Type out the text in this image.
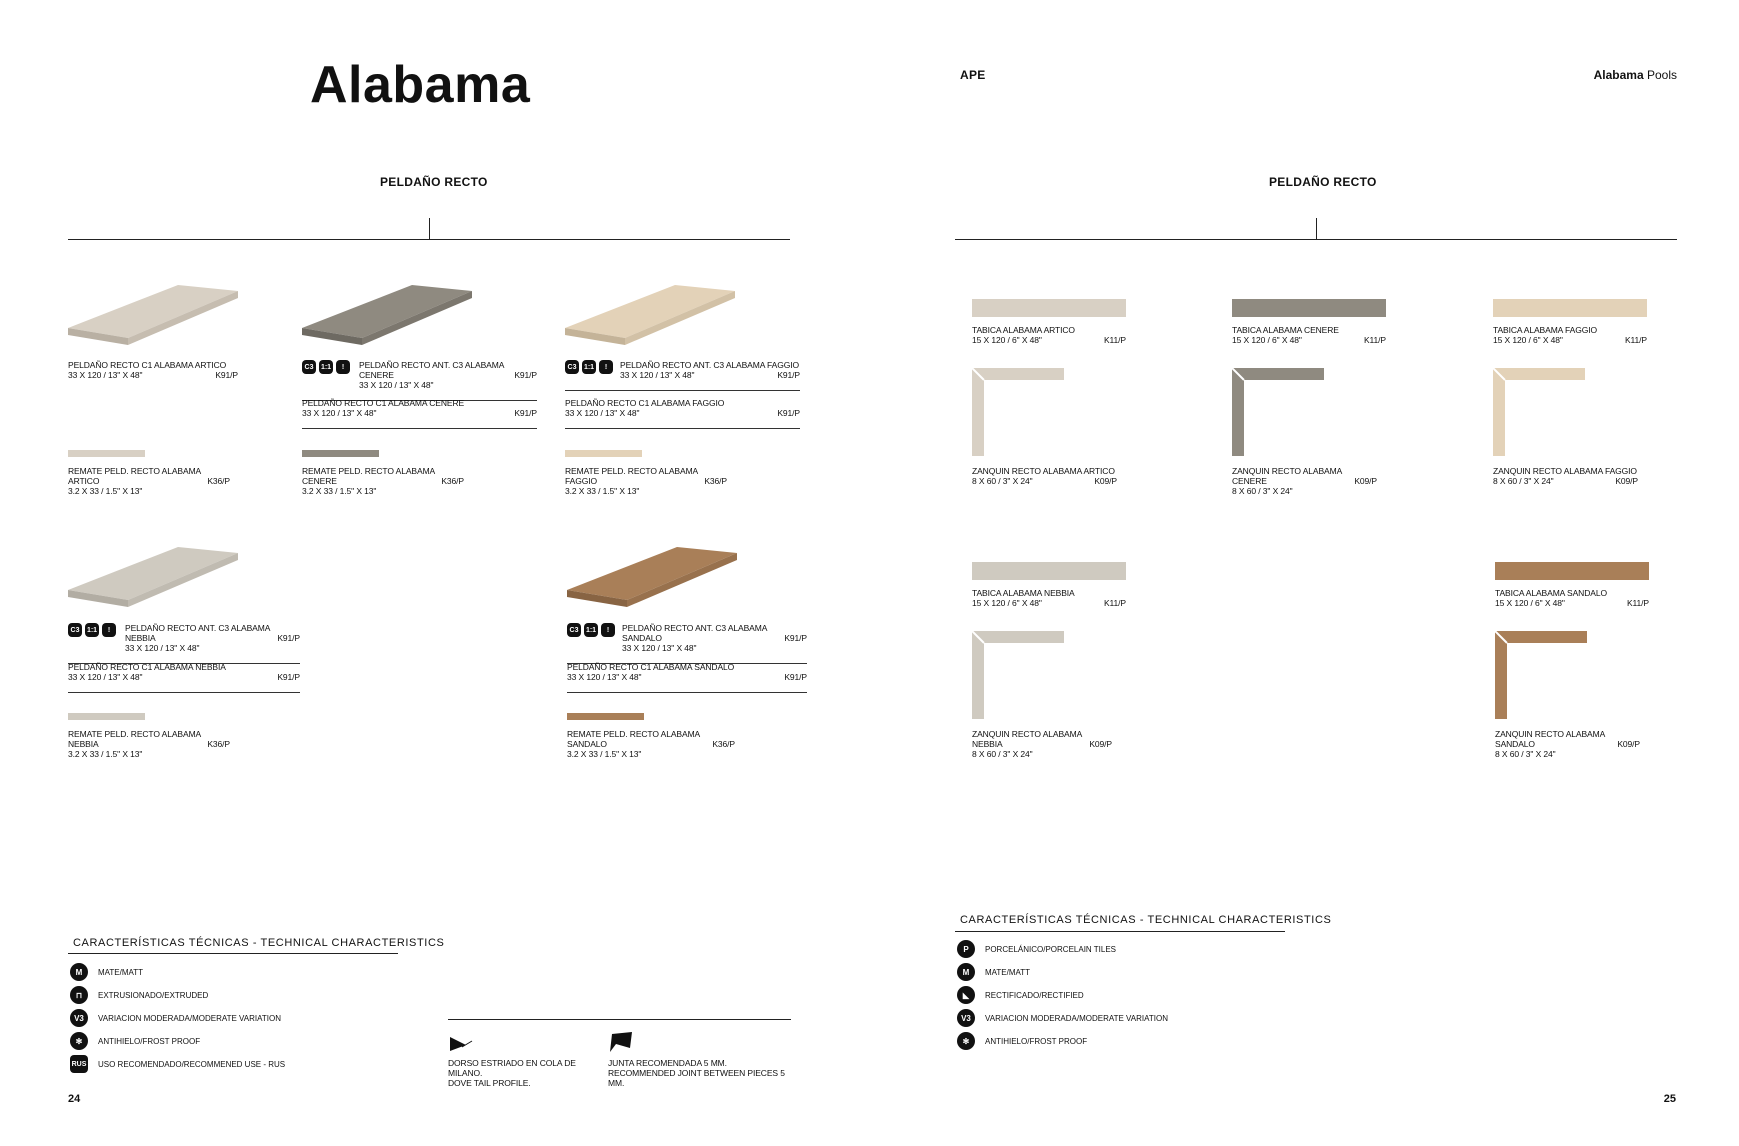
Alabama
PELDAÑO RECTO
PELDAÑO RECTO C1 ALABAMA ARTICO
33 X 120 / 13" X 48"	K91/P
REMATE PELD. RECTO ALABAMA ARTICO
3.2 X 33 / 1.5" X 13"
K36/P
C3	1:1	!	PELDAÑO RECTO ANT. C3 ALABAMA CENERE
33 X 120 / 13" X 48"
K91/P
PELDAÑO RECTO C1 ALABAMA CENERE
33 X 120 / 13" X 48"	K91/P
REMATE PELD. RECTO ALABAMA CENERE
3.2 X 33 / 1.5" X 13"
K36/P
C3	1:1	!	PELDAÑO RECTO ANT. C3 ALABAMA FAGGIO
33 X 120 / 13" X 48"	K91/P
PELDAÑO RECTO C1 ALABAMA FAGGIO
33 X 120 / 13" X 48"	K91/P
REMATE PELD. RECTO ALABAMA FAGGIO
3.2 X 33 / 1.5" X 13"
K36/P
C3	1:1	!	PELDAÑO RECTO ANT. C3 ALABAMA NEBBIA
33 X 120 / 13" X 48"
K91/P
PELDAÑO RECTO C1 ALABAMA NEBBIA
33 X 120 / 13" X 48"	K91/P
REMATE PELD. RECTO ALABAMA NEBBIA
3.2 X 33 / 1.5" X 13"
K36/P
C3	1:1	!	PELDAÑO RECTO ANT. C3 ALABAMA SANDALO
33 X 120 / 13" X 48"
K91/P
PELDAÑO RECTO C1 ALABAMA SANDALO
33 X 120 / 13" X 48"	K91/P
REMATE PELD. RECTO ALABAMA SANDALO
3.2 X 33 / 1.5" X 13"
K36/P
CARACTERÍSTICAS TÉCNICAS - TECHNICAL CHARACTERISTICS
M	MATE/MATT
⊓	EXTRUSIONADO/EXTRUDED
V3	VARIACION MODERADA/MODERATE VARIATION
✻	ANTIHIELO/FROST PROOF
RUS USO RECOMENDADO/RECOMMENED USE - RUS	DORSO ESTRIADO EN COLA DE MILANO.
DOVE TAIL PROFILE.
JUNTA RECOMENDADA 5 MM.
RECOMMENDED JOINT BETWEEN PIECES 5 MM.
24
APE	Alabama Pools
PELDAÑO RECTO
TABICA ALABAMA ARTICO
15 X 120 / 6" X 48"	K11/P
TABICA ALABAMA CENERE
15 X 120 / 6" X 48"	K11/P
TABICA ALABAMA FAGGIO
15 X 120 / 6" X 48"	K11/P
ZANQUIN RECTO ALABAMA ARTICO
8 X 60 / 3" X 24"	K09/P
ZANQUIN RECTO ALABAMA CENERE
8 X 60 / 3" X 24"
K09/P
ZANQUIN RECTO ALABAMA FAGGIO
8 X 60 / 3" X 24"	K09/P
TABICA ALABAMA NEBBIA
15 X 120 / 6" X 48"	K11/P
TABICA ALABAMA SANDALO
15 X 120 / 6" X 48"	K11/P
ZANQUIN RECTO ALABAMA NEBBIA
8 X 60 / 3" X 24"
K09/P
ZANQUIN RECTO ALABAMA SANDALO
8 X 60 / 3" X 24"
K09/P
CARACTERÍSTICAS TÉCNICAS - TECHNICAL CHARACTERISTICS
P	PORCELÁNICO/PORCELAIN TILES
M	MATE/MATT
◣	RECTIFICADO/RECTIFIED
V3	VARIACION MODERADA/MODERATE VARIATION
✻	ANTIHIELO/FROST PROOF
25
